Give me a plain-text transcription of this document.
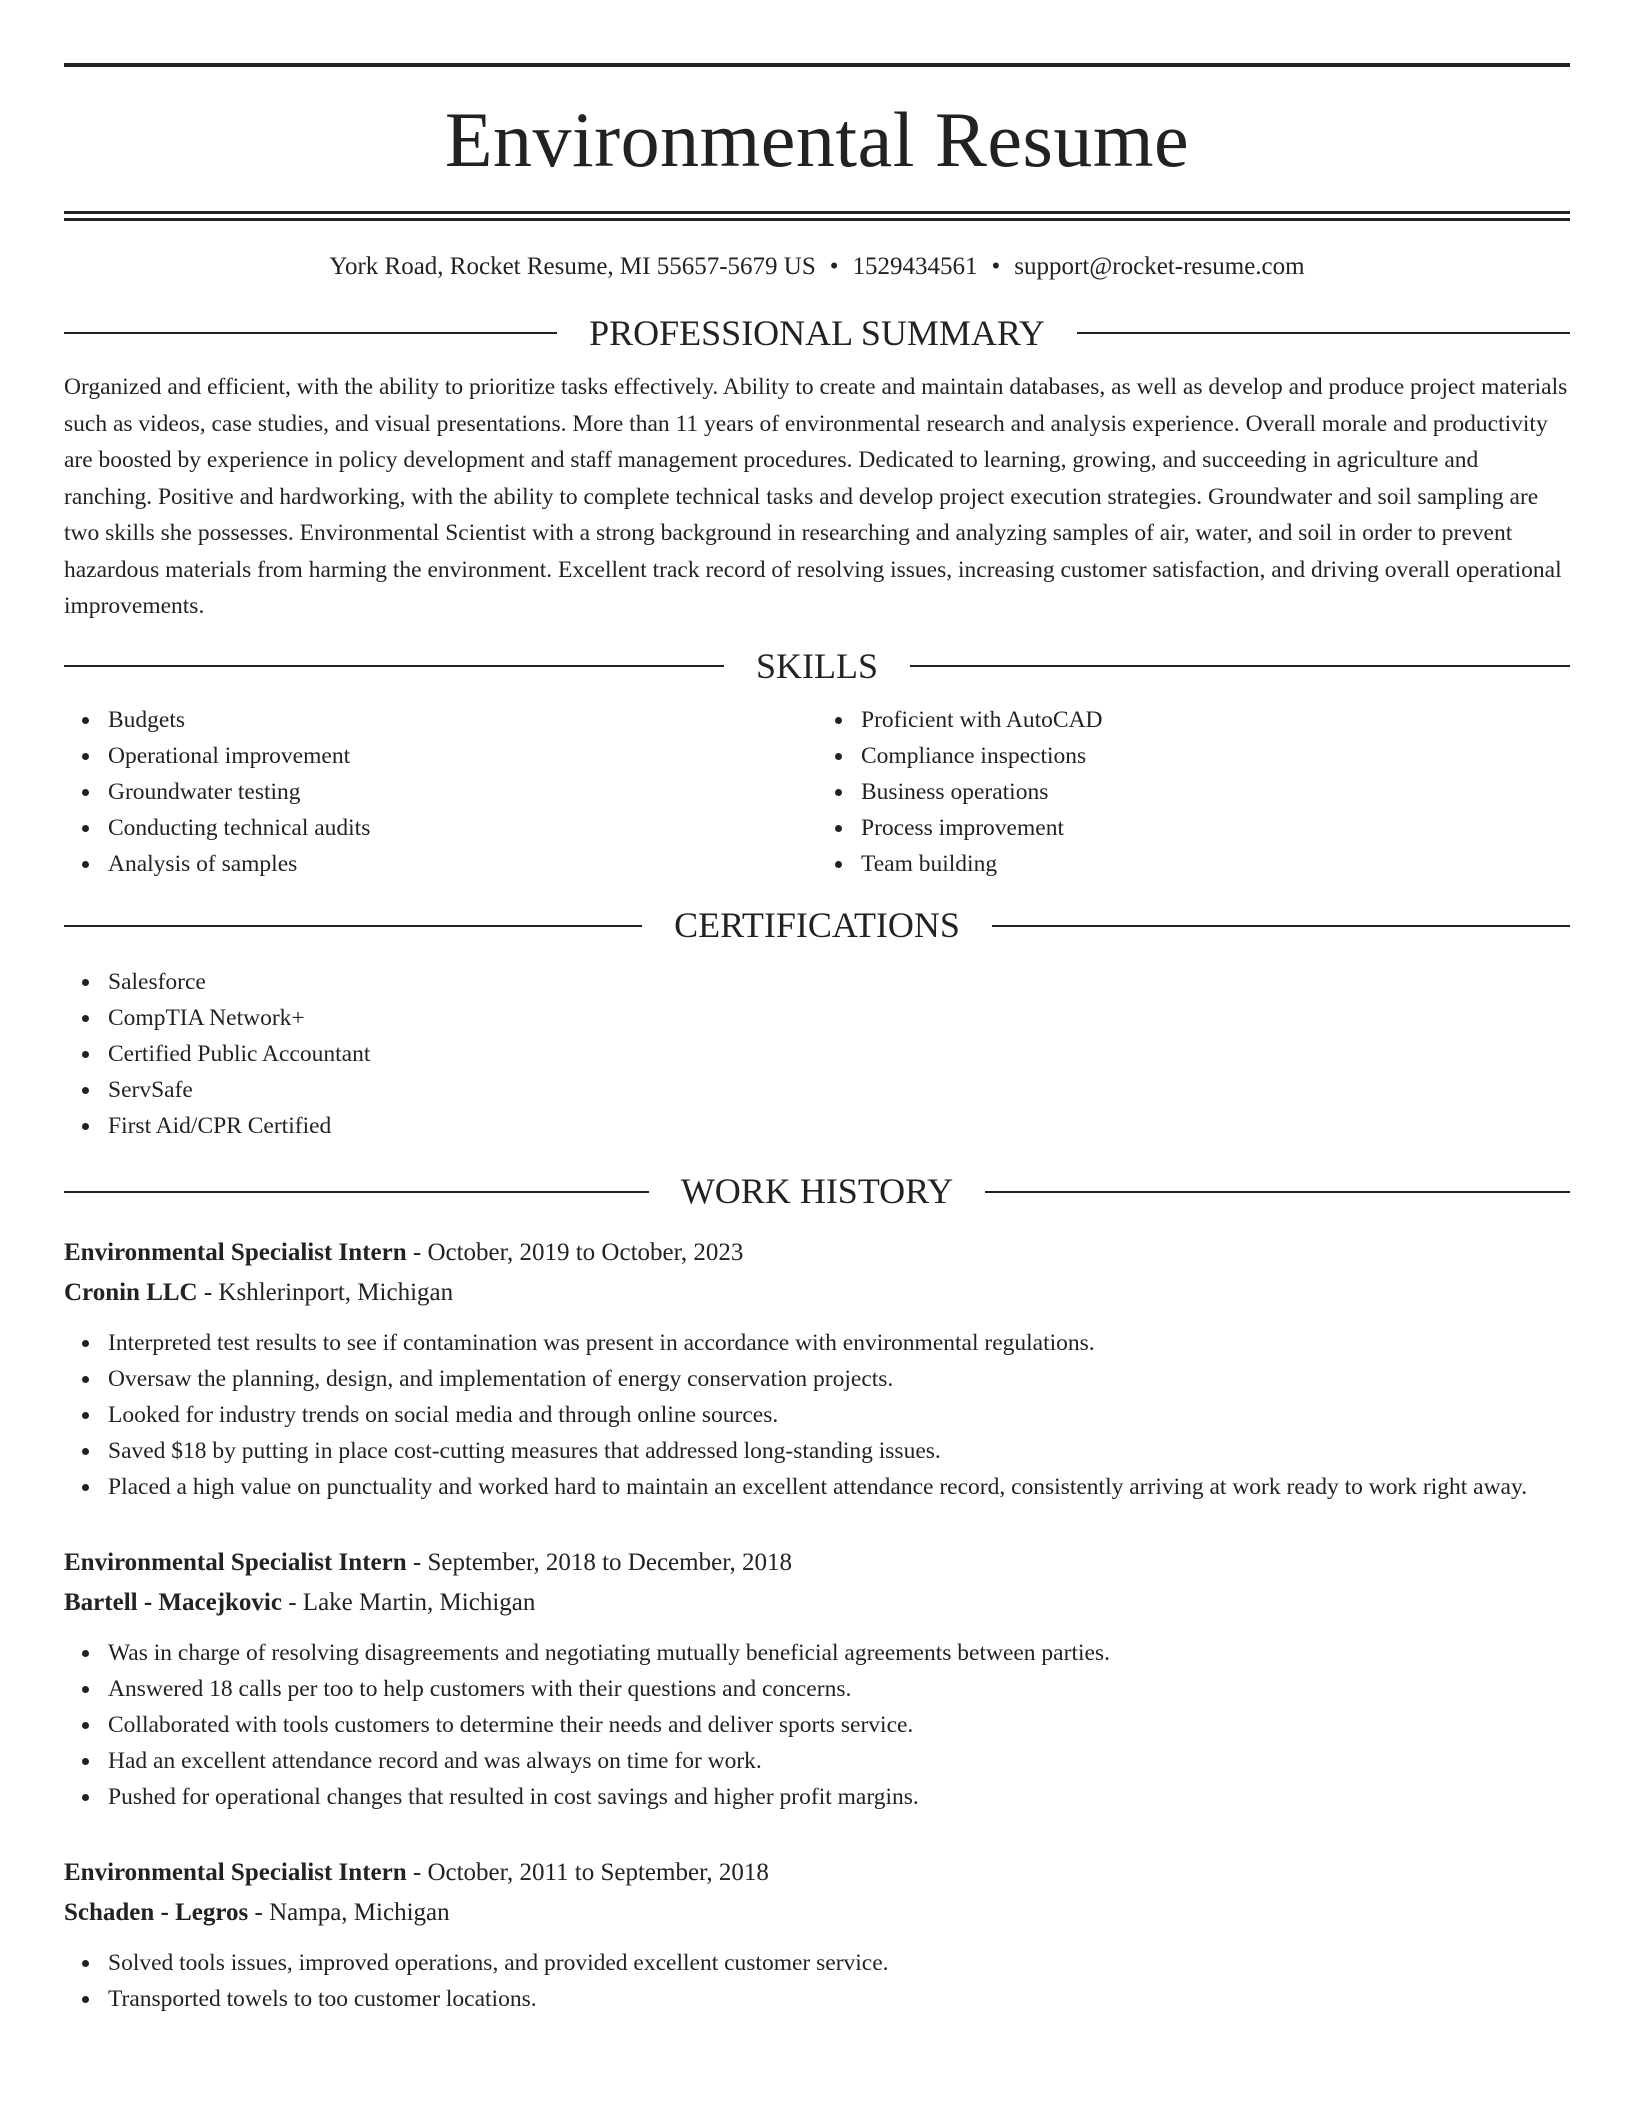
Environmental Resume
York Road, Rocket Resume, MI 55657-5679 US • 1529434561 • support@rocket-resume.com
PROFESSIONAL SUMMARY

Organized and efficient, with the ability to prioritize tasks effectively. Ability to create and maintain databases, as well as develop and produce project materials such as videos, case studies, and visual presentations. More than 11 years of environmental research and analysis experience. Overall morale and productivity are boosted by experience in policy development and staff management procedures. Dedicated to learning, growing, and succeeding in agriculture and ranching. Positive and hardworking, with the ability to complete technical tasks and develop project execution strategies. Groundwater and soil sampling are two skills she possesses. Environmental Scientist with a strong background in researching and analyzing samples of air, water, and soil in order to prevent hazardous materials from harming the environment. Excellent track record of resolving issues, increasing customer satisfaction, and driving overall operational improvements.

SKILLS
Budgets
Operational improvement
Groundwater testing
Conducting technical audits
Analysis of samples
Proficient with AutoCAD
Compliance inspections
Business operations
Process improvement
Team building
CERTIFICATIONS
Salesforce
CompTIA Network+
Certified Public Accountant
ServSafe
First Aid/CPR Certified
WORK HISTORY
Environmental Specialist Intern - October, 2019 to October, 2023
Cronin LLC - Kshlerinport, Michigan
Interpreted test results to see if contamination was present in accordance with environmental regulations.
Oversaw the planning, design, and implementation of energy conservation projects.
Looked for industry trends on social media and through online sources.
Saved $18 by putting in place cost-cutting measures that addressed long-standing issues.
Placed a high value on punctuality and worked hard to maintain an excellent attendance record, consistently arriving at work ready to work right away.
Environmental Specialist Intern - September, 2018 to December, 2018
Bartell - Macejkovic - Lake Martin, Michigan
Was in charge of resolving disagreements and negotiating mutually beneficial agreements between parties.
Answered 18 calls per too to help customers with their questions and concerns.
Collaborated with tools customers to determine their needs and deliver sports service.
Had an excellent attendance record and was always on time for work.
Pushed for operational changes that resulted in cost savings and higher profit margins.
Environmental Specialist Intern - October, 2011 to September, 2018
Schaden - Legros - Nampa, Michigan
Solved tools issues, improved operations, and provided excellent customer service.
Transported towels to too customer locations.
